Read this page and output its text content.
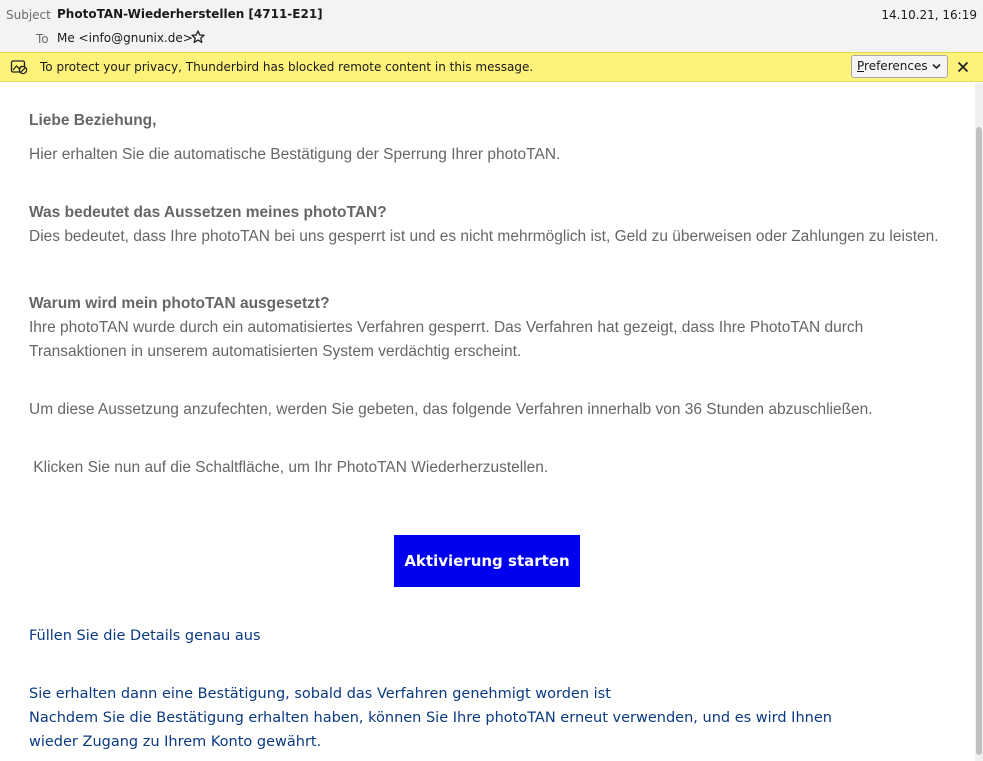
Subject PhotoTAN-Wiederherstellen [4711-E21]	14.10.21, 16:19
To Me <info@gnunix.de>
To protect your privacy, Thunderbird has blocked remote content in this message.	Preferences
Liebe Beziehung,
Hier erhalten Sie die automatische Bestätigung der Sperrung Ihrer photoTAN.
Was bedeutet das Aussetzen meines photoTAN?
Dies bedeutet, dass Ihre photoTAN bei uns gesperrt ist und es nicht mehrmöglich ist, Geld zu überweisen oder Zahlungen zu leisten.
Warum wird mein photoTAN ausgesetzt?
Ihre photoTAN wurde durch ein automatisiertes Verfahren gesperrt. Das Verfahren hat gezeigt, dass Ihre PhotoTAN durch
Transaktionen in unserem automatisierten System verdächtig erscheint.
Um diese Aussetzung anzufechten, werden Sie gebeten, das folgende Verfahren innerhalb von 36 Stunden abzuschließen.
Klicken Sie nun auf die Schaltfläche, um Ihr PhotoTAN Wiederherzustellen.
Aktivierung starten
Füllen Sie die Details genau aus
Sie erhalten dann eine Bestätigung, sobald das Verfahren genehmigt worden ist
Nachdem Sie die Bestätigung erhalten haben, können Sie Ihre photoTAN erneut verwenden, und es wird Ihnen
wieder Zugang zu Ihrem Konto gewährt.
